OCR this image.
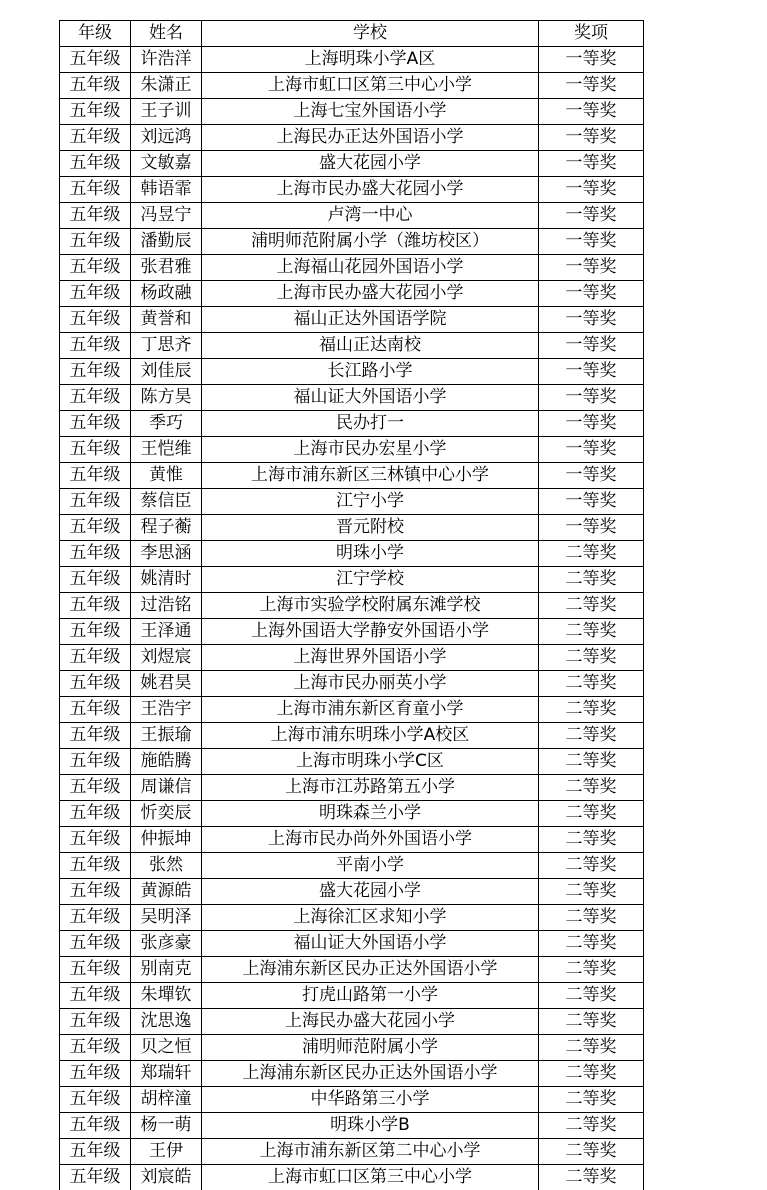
年级	姓名	学校	奖项
五年级	许浩洋	上海明珠小学A区	一等奖
五年级	朱潇正	上海市虹口区第三中心小学	一等奖
五年级	王子训	上海七宝外国语小学	一等奖
五年级	刘远鸿	上海民办正达外国语小学	一等奖
五年级	文敏嘉	盛大花园小学	一等奖
五年级	韩语霏	上海市民办盛大花园小学	一等奖
五年级	冯昱宁	卢湾一中心	一等奖
五年级	潘勤辰	浦明师范附属小学（潍坊校区）	一等奖
五年级	张君雅	上海福山花园外国语小学	一等奖
五年级	杨政融	上海市民办盛大花园小学	一等奖
五年级	黄誉和	福山正达外国语学院	一等奖
五年级	丁思齐	福山正达南校	一等奖
五年级	刘佳辰	长江路小学	一等奖
五年级	陈方昊	福山证大外国语小学	一等奖
五年级	季巧	民办打一	一等奖
五年级	王恺维	上海市民办宏星小学	一等奖
五年级	黄惟	上海市浦东新区三林镇中心小学	一等奖
五年级	蔡信臣	江宁小学	一等奖
五年级	程子蘅	晋元附校	一等奖
五年级	李思涵	明珠小学	二等奖
五年级	姚清时	江宁学校	二等奖
五年级	过浩铭	上海市实验学校附属东滩学校	二等奖
五年级	王泽通	上海外国语大学静安外国语小学	二等奖
五年级	刘煜宸	上海世界外国语小学	二等奖
五年级	姚君昊	上海市民办丽英小学	二等奖
五年级	王浩宇	上海市浦东新区育童小学	二等奖
五年级	王振瑜	上海市浦东明珠小学A校区	二等奖
五年级	施皓腾	上海市明珠小学C区	二等奖
五年级	周谦信	上海市江苏路第五小学	二等奖
五年级	忻奕辰	明珠森兰小学	二等奖
五年级	仲振坤	上海市民办尚外外国语小学	二等奖
五年级	张然	平南小学	二等奖
五年级	黄源皓	盛大花园小学	二等奖
五年级	吴明泽	上海徐汇区求知小学	二等奖
五年级	张彦豪	福山证大外国语小学	二等奖
五年级	别南克	上海浦东新区民办正达外国语小学	二等奖
五年级	朱墠钦	打虎山路第一小学	二等奖
五年级	沈思逸	上海民办盛大花园小学	二等奖
五年级	贝之恒	浦明师范附属小学	二等奖
五年级	郑瑞轩	上海浦东新区民办正达外国语小学	二等奖
五年级	胡梓潼	中华路第三小学	二等奖
五年级	杨一萌	明珠小学B	二等奖
五年级	王伊	上海市浦东新区第二中心小学	二等奖
五年级	刘宸皓	上海市虹口区第三中心小学	二等奖
